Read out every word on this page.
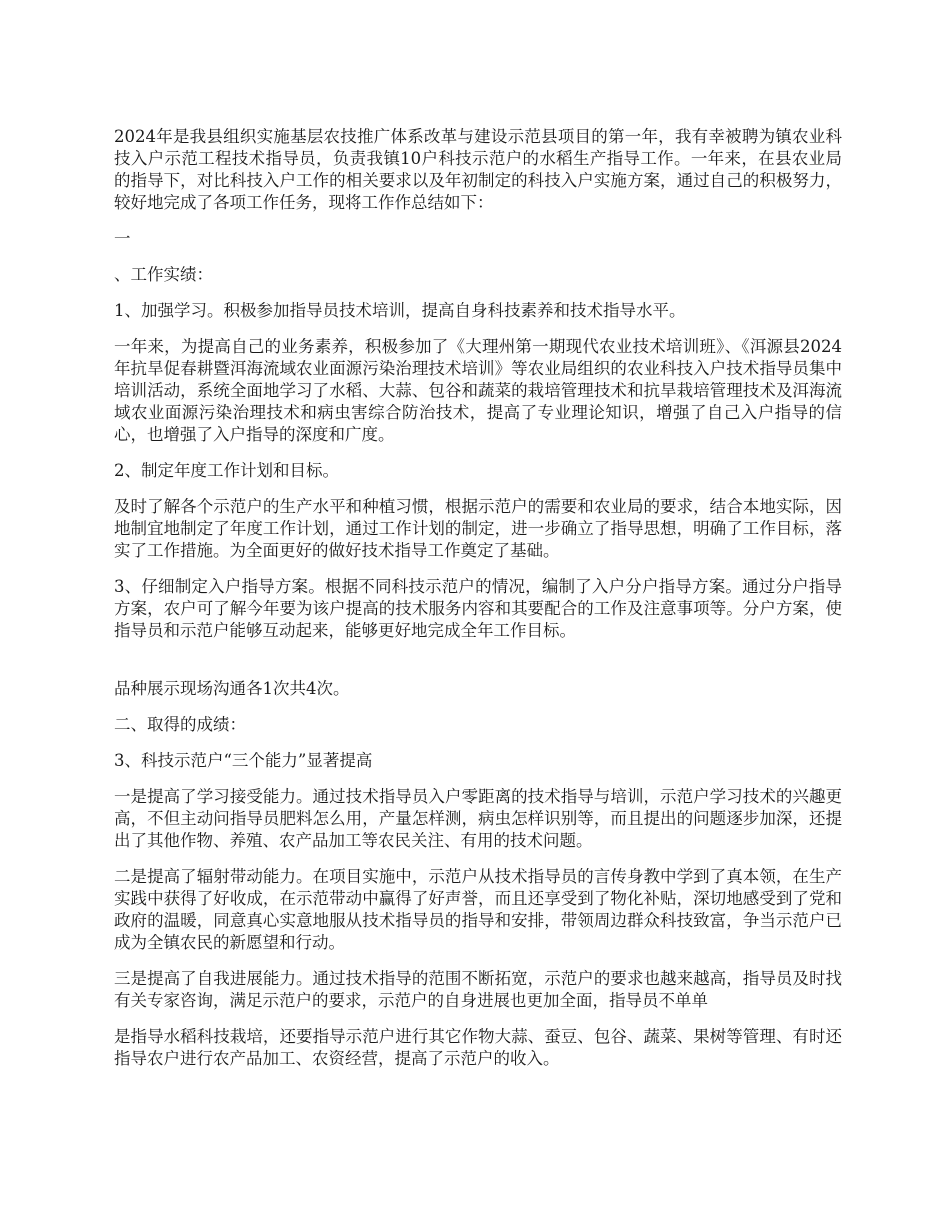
2024年是我县组织实施基层农技推广体系改革与建设示范县项目的第一年，我有幸被聘为镇农业科技入户示范工程技术指导员，负责我镇10户科技示范户的水稻生产指导工作。一年来，在县农业局的指导下，对比科技入户工作的相关要求以及年初制定的科技入户实施方案，通过自己的积极努力，较好地完成了各项工作任务，现将工作作总结如下：

一

、工作实绩：

1、加强学习。积极参加指导员技术培训，提高自身科技素养和技术指导水平。

一年来，为提高自己的业务素养，积极参加了《大理州第一期现代农业技术培训班》、《洱源县2024年抗旱促春耕暨洱海流域农业面源污染治理技术培训》等农业局组织的农业科技入户技术指导员集中培训活动，系统全面地学习了水稻、大蒜、包谷和蔬菜的栽培管理技术和抗旱栽培管理技术及洱海流域农业面源污染治理技术和病虫害综合防治技术，提高了专业理论知识，增强了自己入户指导的信心，也增强了入户指导的深度和广度。

2、制定年度工作计划和目标。

及时了解各个示范户的生产水平和种植习惯，根据示范户的需要和农业局的要求，结合本地实际，因地制宜地制定了年度工作计划，通过工作计划的制定，进一步确立了指导思想，明确了工作目标，落实了工作措施。为全面更好的做好技术指导工作奠定了基础。

3、仔细制定入户指导方案。根据不同科技示范户的情况，编制了入户分户指导方案。通过分户指导方案，农户可了解今年要为该户提高的技术服务内容和其要配合的工作及注意事项等。分户方案，使指导员和示范户能够互动起来，能够更好地完成全年工作目标。

品种展示现场沟通各1次共4次。

二、取得的成绩：

3、科技示范户“三个能力”显著提高

一是提高了学习接受能力。通过技术指导员入户零距离的技术指导与培训，示范户学习技术的兴趣更高，不但主动问指导员肥料怎么用，产量怎样测，病虫怎样识别等，而且提出的问题逐步加深，还提出了其他作物、养殖、农产品加工等农民关注、有用的技术问题。

二是提高了辐射带动能力。在项目实施中，示范户从技术指导员的言传身教中学到了真本领，在生产实践中获得了好收成，在示范带动中赢得了好声誉，而且还享受到了物化补贴，深切地感受到了党和政府的温暖，同意真心实意地服从技术指导员的指导和安排，带领周边群众科技致富，争当示范户已成为全镇农民的新愿望和行动。

三是提高了自我进展能力。通过技术指导的范围不断拓宽，示范户的要求也越来越高，指导员及时找有关专家咨询，满足示范户的要求，示范户的自身进展也更加全面，指导员不单单

是指导水稻科技栽培，还要指导示范户进行其它作物大蒜、蚕豆、包谷、蔬菜、果树等管理、有时还指导农户进行农产品加工、农资经营，提高了示范户的收入。
